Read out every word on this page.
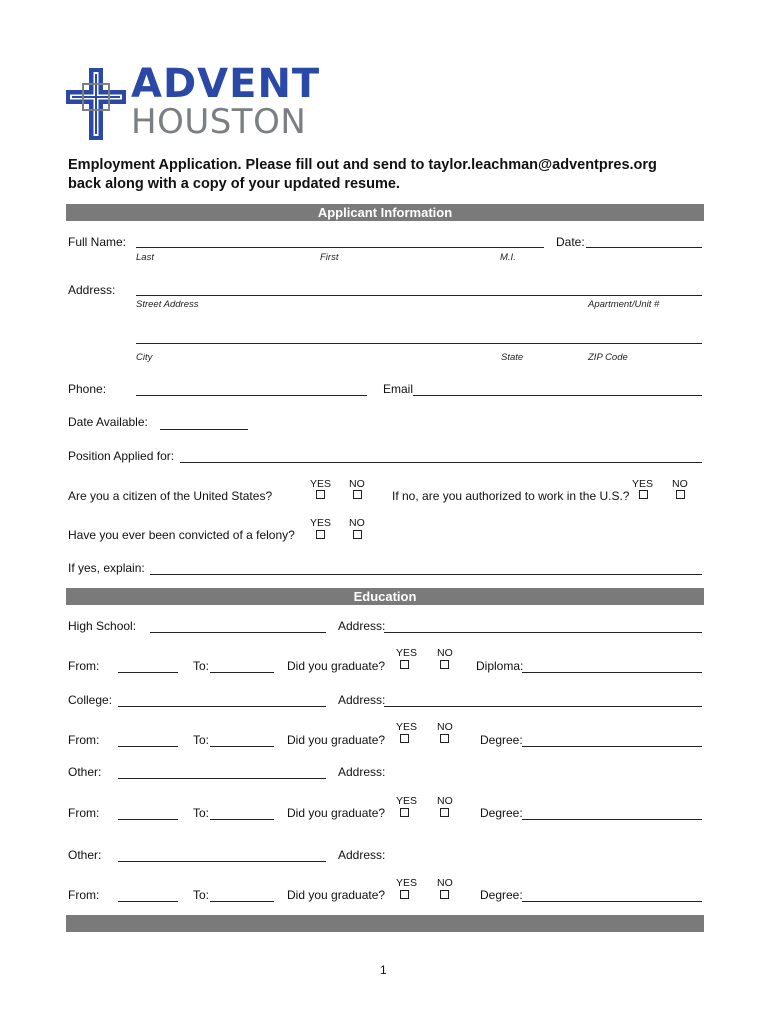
ADVENT
HOUSTON
Employment Application. Please fill out and send to taylor.leachman@adventpres.org
back along with a copy of your updated resume.
Applicant Information
Full Name:	Date:
Last	First	M.I.
Address:
Street Address	Apartment/Unit #
City	State	ZIP Code
Phone:	Email
Date Available:
Position Applied for:
YES NO
Are you a citizen of the United States?
YES NO
If no, are you authorized to work in the U.S.?
YES NO
Have you ever been convicted of a felony?
If yes, explain:
Education
High School:	Address:
YES NO
From:	To:	Did you graduate?	Diploma:
College:	Address:
YES NO
From:	To:	Did you graduate?	Degree:
Other:	Address:
YES NO
From:	To:	Did you graduate?	Degree:
Other:	Address:
YES NO
From:	To:	Did you graduate?	Degree:
1
